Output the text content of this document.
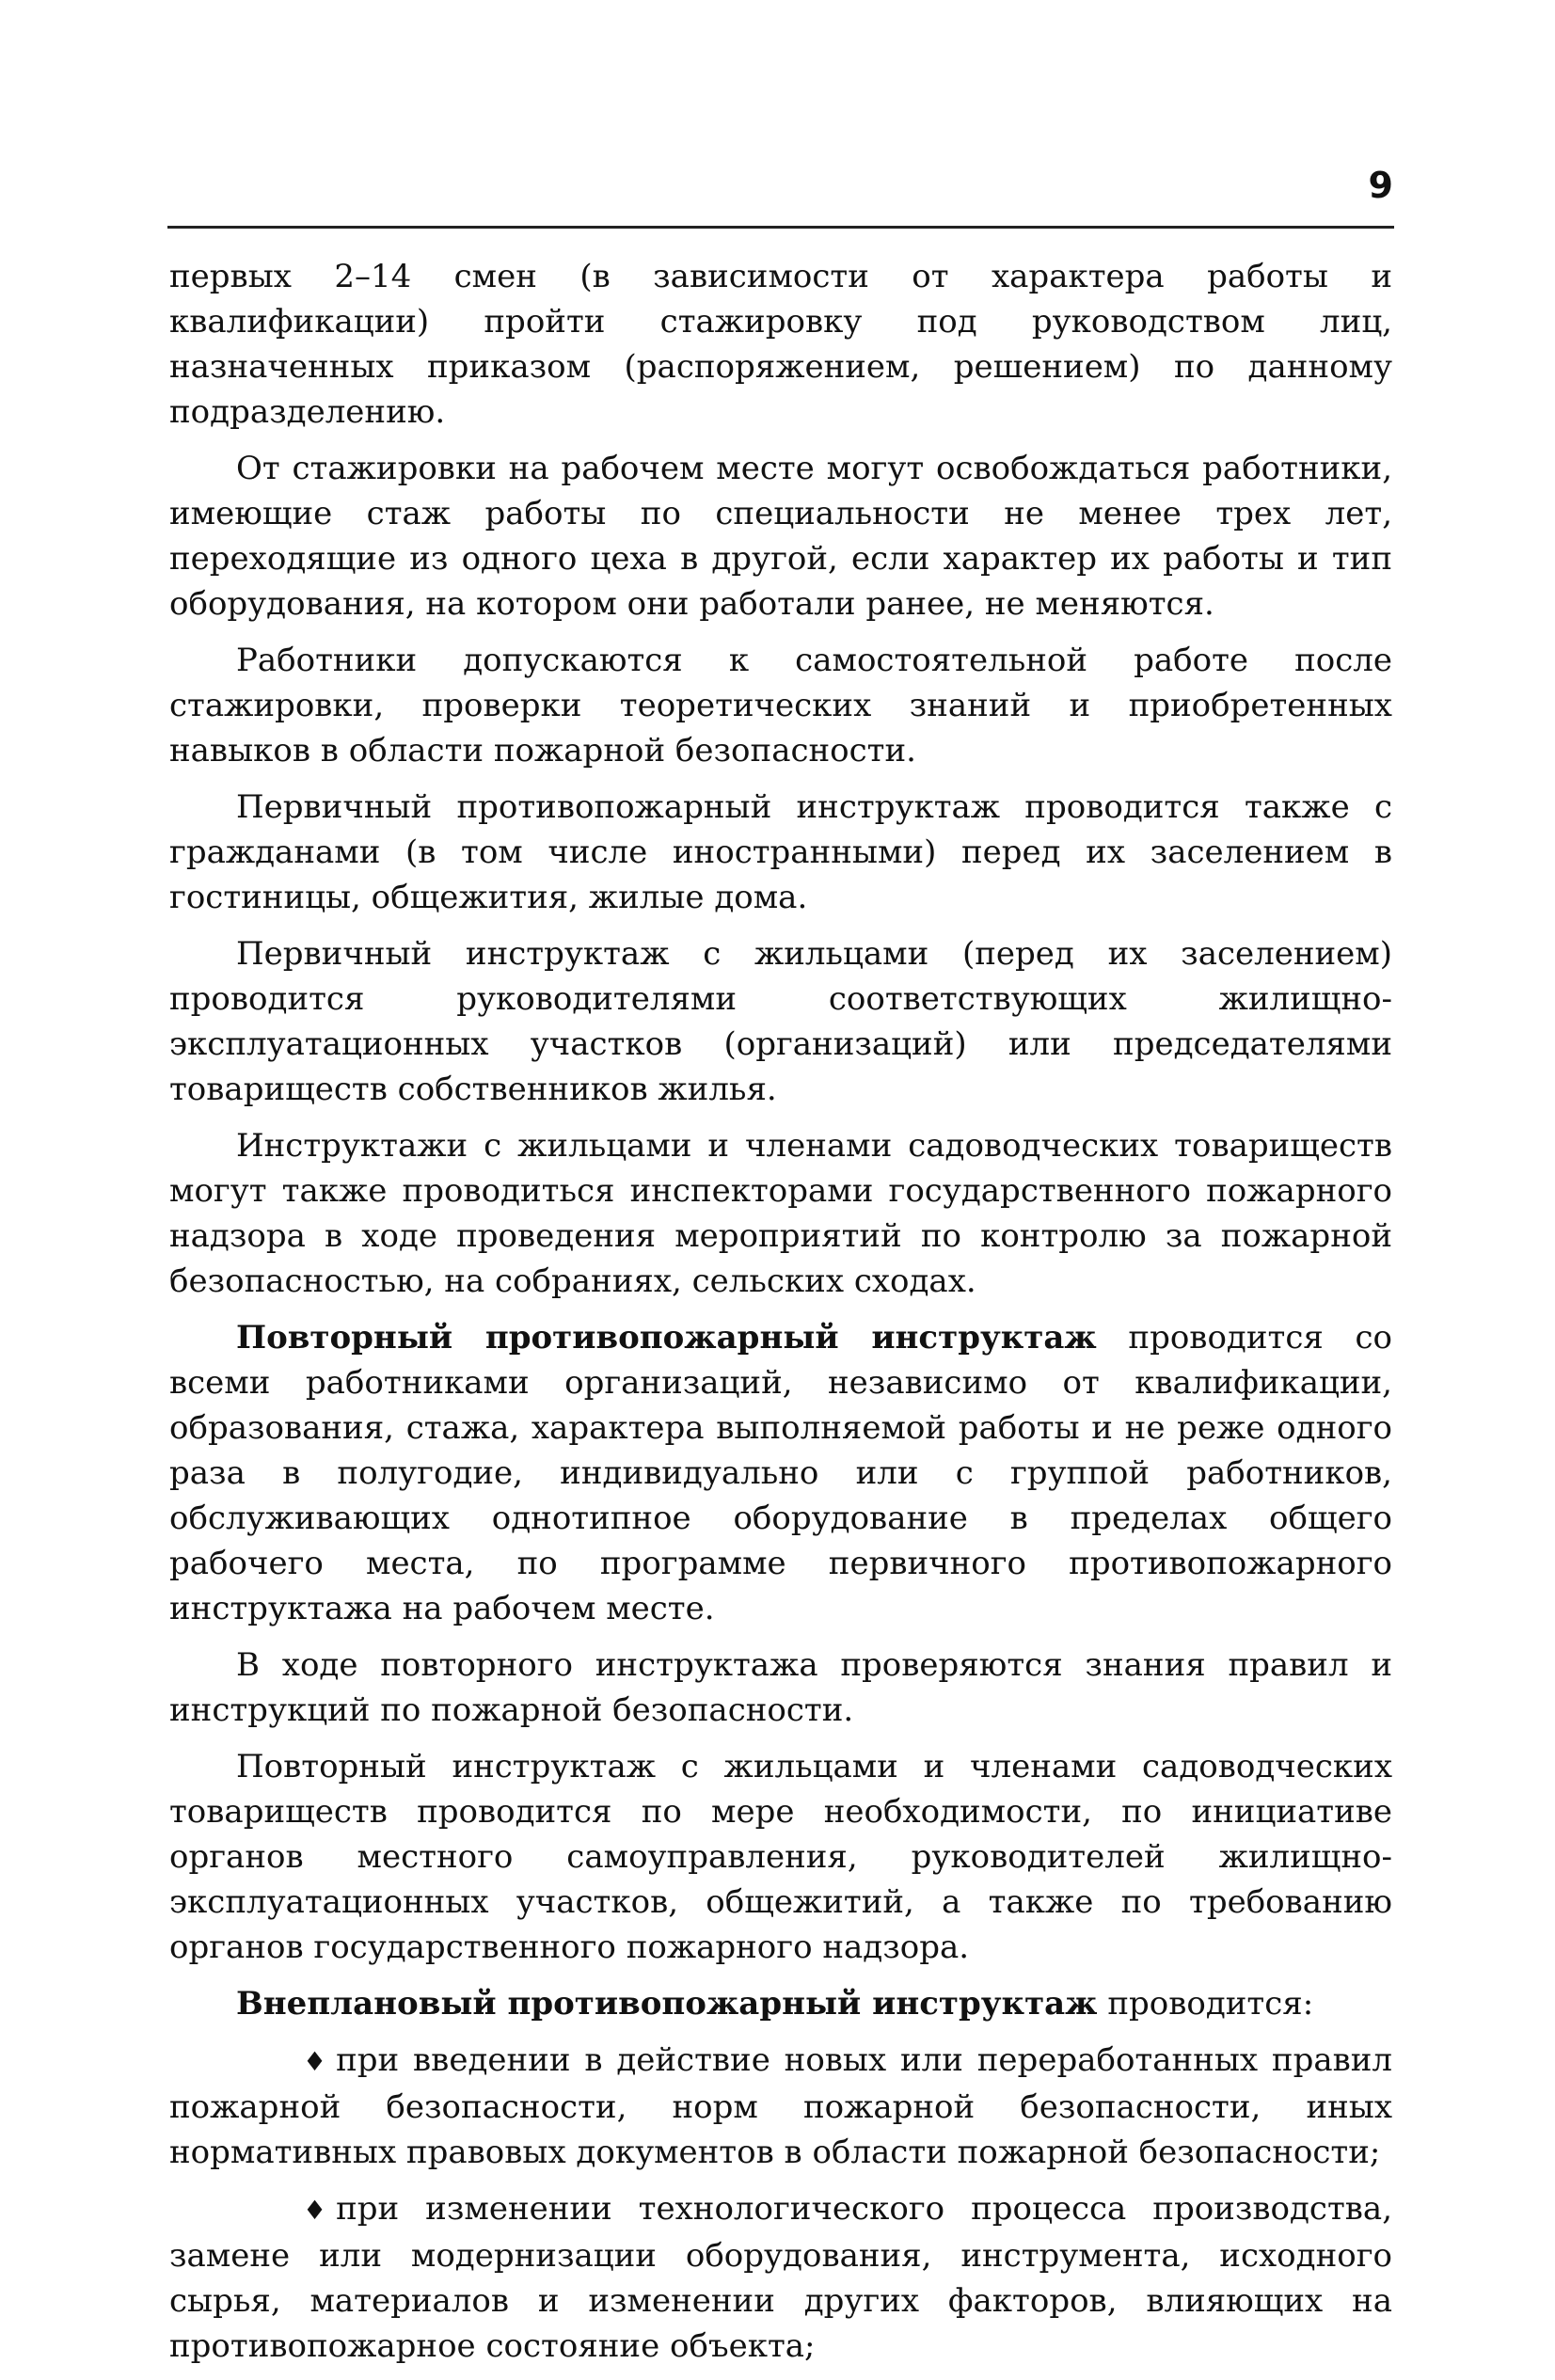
9

первых 2–14 смен (в зависимости от характера работы и квалификации) пройти стажировку под руководством лиц, назначенных приказом (распоряжением, решением) по данному подразделению.

От стажировки на рабочем месте могут освобождаться работники, имеющие стаж работы по специальности не менее трех лет, переходящие из одного цеха в другой, если характер их работы и тип оборудования, на котором они работали ранее, не меняются.

Работники допускаются к самостоятельной работе после стажировки, проверки теоретических знаний и приобретенных навыков в области пожарной безопасности.

Первичный противопожарный инструктаж проводится также с гражданами (в том числе иностранными) перед их заселением в гостиницы, общежития, жилые дома.

Первичный инструктаж с жильцами (перед их заселением) проводится руководителями соответствующих жилищно-эксплуатационных участков (организаций) или председателями товариществ собственников жилья.

Инструктажи с жильцами и членами садоводческих товариществ могут также проводиться инспекторами государственного пожарного надзора в ходе проведения мероприятий по контролю за пожарной безопасностью, на собраниях, сельских сходах.

Повторный противопожарный инструктаж проводится со всеми работниками организаций, независимо от квалификации, образования, стажа, характера выполняемой работы и не реже одного раза в полугодие, индивидуально или с группой работников, обслуживающих однотипное оборудование в пределах общего рабочего места, по программе первичного противопожарного инструктажа на рабочем месте.

В ходе повторного инструктажа проверяются знания правил и инструкций по пожарной безопасности.

Повторный инструктаж с жильцами и членами садоводческих товариществ проводится по мере необходимости, по инициативе органов местного самоуправления, руководителей жилищно-эксплуатационных участков, общежитий, а также по требованию органов государственного пожарного надзора.

Внеплановый противопожарный инструктаж проводится:

♦ при введении в действие новых или переработанных правил пожарной безопасности, норм пожарной безопасности, иных нормативных правовых документов в области пожарной безопасности;

♦ при изменении технологического процесса производства, замене или модернизации оборудования, инструмента, исходного сырья, материалов и изменении других факторов, влияющих на противопожарное состояние объекта;
